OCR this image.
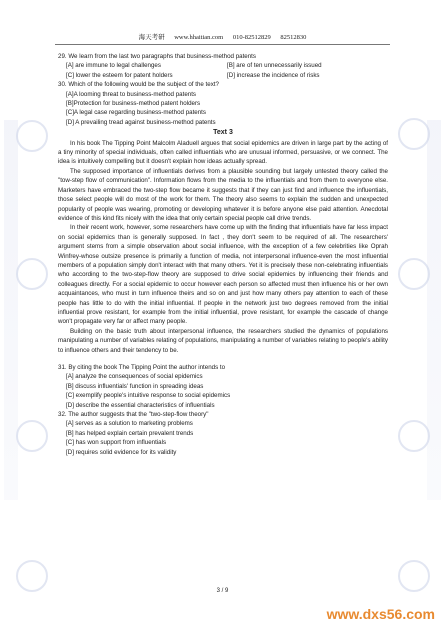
海天考研 www.hhaitian.com 010-82512829 82512830
29. We learn from the last two paragraphs that business-method patents
[A] are immune to legal challenges	[B] are of ten unnecessarily issued
[C] lower the esteem for patent holders	[D] increase the incidence of risks
30. Which of the following would be the subject of the text?
[A]A looming threat to business-method patents
[B]Protection for business-method patent holders
[C]A legal case regarding business-method patents
[D] A prevailing tread against business-method patents
Text 3

In his book The Tipping Point Malcolm Aladuell argues that social epidemics are driven in large part by the acting of a tiny minority of special individuals, often called influentials who are unusual informed, persuasive, or we connect. The idea is intuitively compelling but it doesn't explain how ideas actually spread.

The supposed importance of influentials derives from a plausible sounding but largely untested theory called the "tow-step flow of communication". Information flows from the media to the influentials and from them to everyone else. Marketers have embraced the two-step flow became it suggests that if they can just find and influence the influentials, those select people will do most of the work for them. The theory also seems to explain the sudden and unexpected popularity of people was wearing, promoting or developing whatever it is before anyone else paid attention. Anecdotal evidence of this kind fits nicely with the idea that only certain special people call drive trends.

In their recent work, however, some researchers have come up with the finding that influentials have far less impact on social epidemics than is generally supposed. In fact , they don't seem to be required of all. The researchers' argument stems from a simple observation about social influence, with the exception of a few celebrities like Oprah Winfrey-whose outsize presence is primarily a function of media, not interpersonal influence-even the most influential members of a population simply don't interact with that many others. Yet it is precisely these non-celebrating influentials who according to the two-step-flow theory are supposed to drive social epidemics by influencing their friends and colleagues directly. For a social epidemic to occur however each person so affected must then influence his or her own acquaintances, who must in turn influence theirs and so on and just how many others pay attention to each of these people has little to do with the initial influential. If people in the network just two degrees removed from the initial influential prove resistant, for example from the initial influential, prove resistant, for example the cascade of change won't propagate very far or affect many people.

Building on the basic truth about interpersonal influence, the researchers studied the dynamics of populations manipulating a number of variables relating of populations, manipulating a number of variables relating to people's ability to influence others and their tendency to be.

31. By citing the book The Tipping Point the author intends to
[A] analyze the consequences of social epidemics
[B] discuss influentials' function in spreading ideas
[C] exemplify people's intuitive response to social epidemics
[D] describe the essential characteristics of influentials
32. The author suggests that the "two-step-flow theory"
[A] serves as a solution to marketing problems
[B] has helped explain certain prevalent trends
[C] has won support from influentials
[D] requires solid evidence for its validity
3 / 9
www.dxs56.com
